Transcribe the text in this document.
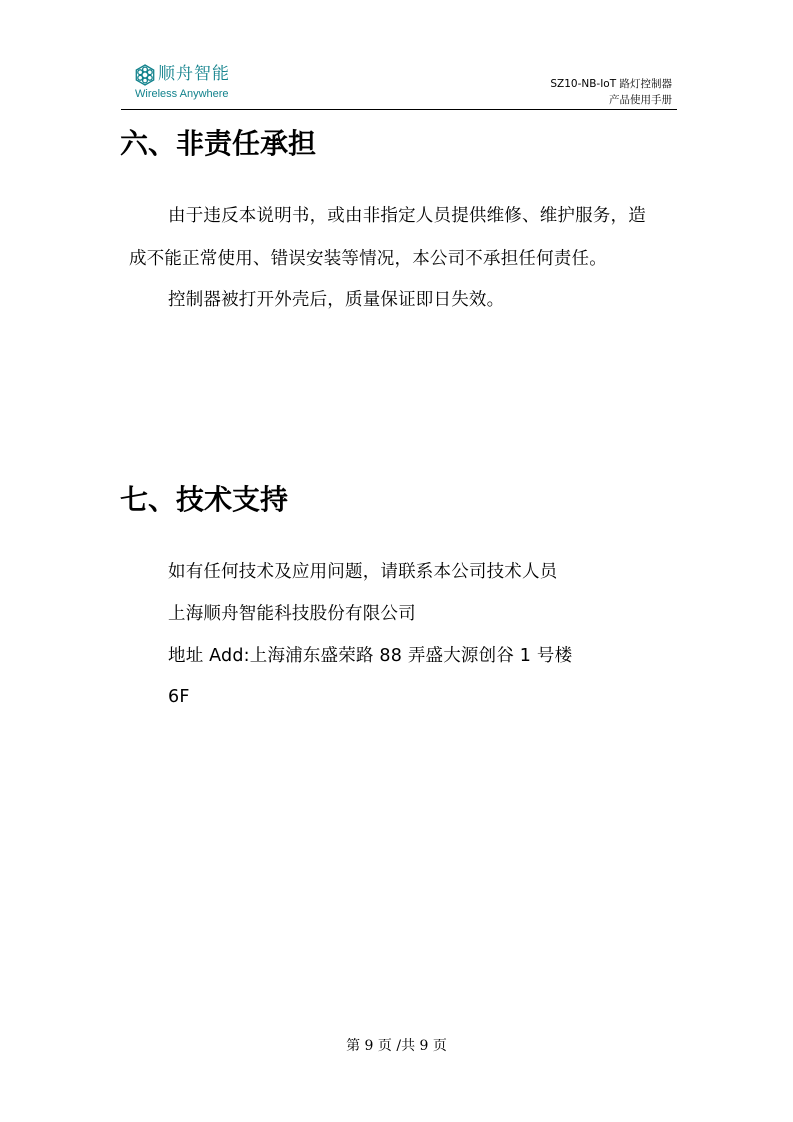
顺舟智能
Wireless Anywhere
SZ10-NB-IoT 路灯控制器
产品使用手册
六、非责任承担
由于违反本说明书，或由非指定人员提供维修、维护服务，造
成不能正常使用、错误安装等情况，本公司不承担任何责任。
控制器被打开外壳后，质量保证即日失效。
七、技术支持
如有任何技术及应用问题，请联系本公司技术人员
上海顺舟智能科技股份有限公司
地址 Add:上海浦东盛荣路 88 弄盛大源创谷 1 号楼
6F
第 9 页 /共 9 页
